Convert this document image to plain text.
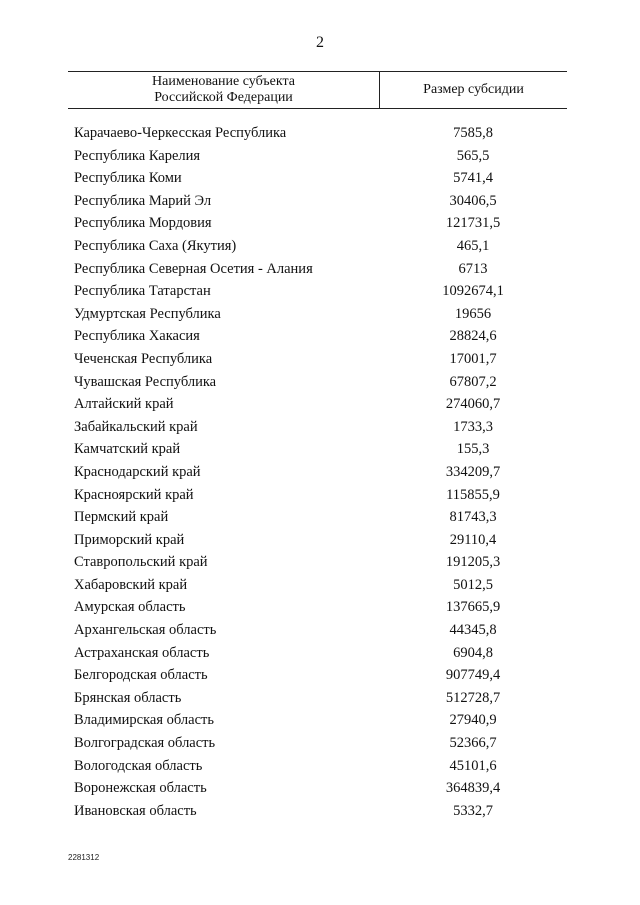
2
Наименование субъекта
Российской Федерации
Размер субсидии
Карачаево-Черкесская Республика	7585,8
Республика Карелия	565,5
Республика Коми	5741,4
Республика Марий Эл	30406,5
Республика Мордовия	121731,5
Республика Саха (Якутия)	465,1
Республика Северная Осетия - Алания	6713
Республика Татарстан	1092674,1
Удмуртская Республика	19656
Республика Хакасия	28824,6
Чеченская Республика	17001,7
Чувашская Республика	67807,2
Алтайский край	274060,7
Забайкальский край	1733,3
Камчатский край	155,3
Краснодарский край	334209,7
Красноярский край	115855,9
Пермский край	81743,3
Приморский край	29110,4
Ставропольский край	191205,3
Хабаровский край	5012,5
Амурская область	137665,9
Архангельская область	44345,8
Астраханская область	6904,8
Белгородская область	907749,4
Брянская область	512728,7
Владимирская область	27940,9
Волгоградская область	52366,7
Вологодская область	45101,6
Воронежская область	364839,4
Ивановская область	5332,7
2281312
